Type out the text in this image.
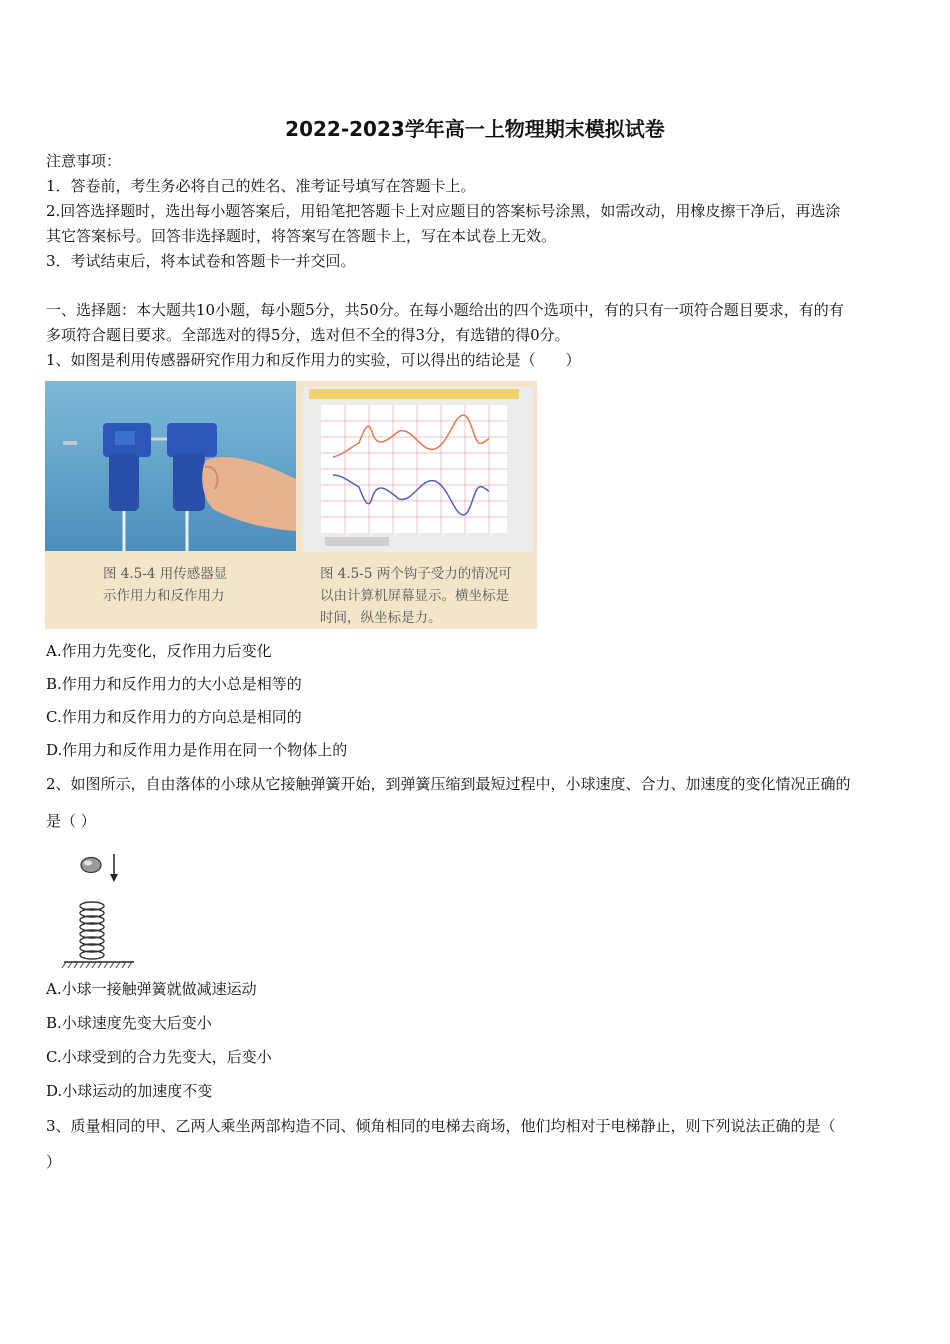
2022-2023学年高一上物理期末模拟试卷
注意事项：
1．答卷前，考生务必将自己的姓名、准考证号填写在答题卡上。
2.回答选择题时，选出每小题答案后，用铅笔把答题卡上对应题目的答案标号涂黑，如需改动，用橡皮擦干净后，再选涂
其它答案标号。回答非选择题时，将答案写在答题卡上，写在本试卷上无效。
3．考试结束后，将本试卷和答题卡一并交回。
一、选择题：本大题共10小题，每小题5分，共50分。在每小题给出的四个选项中，有的只有一项符合题目要求，有的有
多项符合题目要求。全部选对的得5分，选对但不全的得3分，有选错的得0分。
1、如图是利用传感器研究作用力和反作用力的实验，可以得出的结论是（　　）
图 4.5-4 用传感器显
示作用力和反作用力
图 4.5-5 两个钩子受力的情况可
以由计算机屏幕显示。横坐标是
时间，纵坐标是力。
A.作用力先变化，反作用力后变化
B.作用力和反作用力的大小总是相等的
C.作用力和反作用力的方向总是相同的
D.作用力和反作用力是作用在同一个物体上的
2、如图所示，自由落体的小球从它接触弹簧开始，到弹簧压缩到最短过程中，小球速度、合力、加速度的变化情况正确的
是（ ）
A.小球一接触弹簧就做减速运动
B.小球速度先变大后变小
C.小球受到的合力先变大，后变小
D.小球运动的加速度不变
3、质量相同的甲、乙两人乘坐两部构造不同、倾角相同的电梯去商场，他们均相对于电梯静止，则下列说法正确的是（
）
